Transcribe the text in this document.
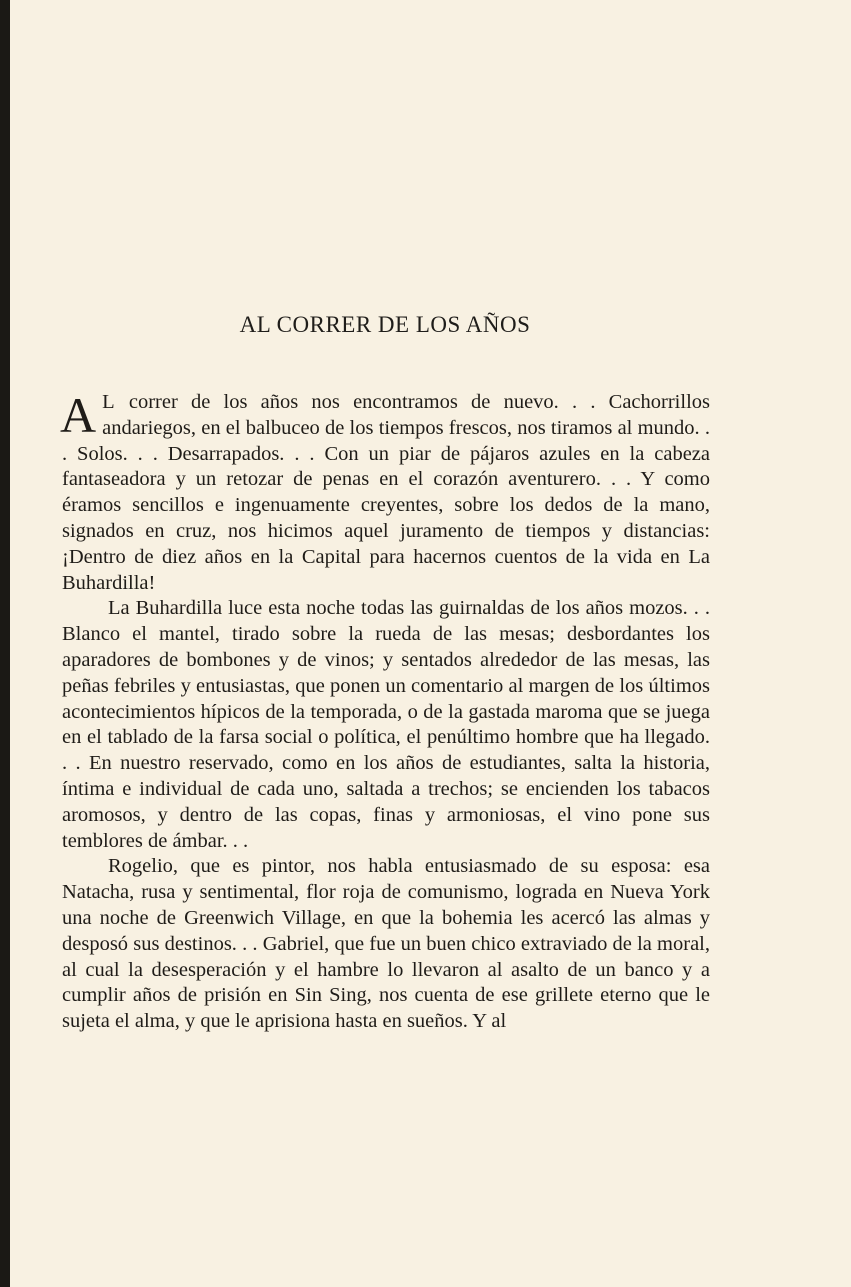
AL CORRER DE LOS AÑOS

A L correr de los años nos encontramos de nuevo. . . Cachorrillos andariegos, en el balbuceo de los tiempos frescos, nos tiramos al mundo. . . Solos. . . Desarrapados. . . Con un piar de pájaros azules en la cabeza fantaseadora y un retozar de penas en el corazón aventurero. . . Y como éramos sencillos e ingenuamente creyentes, sobre los dedos de la mano, signados en cruz, nos hicimos aquel juramento de tiempos y distancias: ¡Dentro de diez años en la Capital para hacernos cuentos de la vida en La Buhardilla!

La Buhardilla luce esta noche todas las guirnaldas de los años mozos. . . Blanco el mantel, tirado sobre la rueda de las mesas; desbordantes los aparadores de bombones y de vinos; y sentados alrededor de las mesas, las peñas febriles y entusiastas, que ponen un comentario al margen de los últimos acontecimientos hípicos de la temporada, o de la gastada maroma que se juega en el tablado de la farsa social o política, el penúltimo hombre que ha llegado. . . En nuestro reservado, como en los años de estudiantes, salta la historia, íntima e individual de cada uno, saltada a trechos; se encienden los tabacos aromosos, y dentro de las copas, finas y armoniosas, el vino pone sus temblores de ámbar. . .

Rogelio, que es pintor, nos habla entusiasmado de su esposa: esa Natacha, rusa y sentimental, flor roja de comunismo, lograda en Nueva York una noche de Greenwich Village, en que la bohemia les acercó las almas y desposó sus destinos. . . Gabriel, que fue un buen chico extraviado de la moral, al cual la desesperación y el hambre lo llevaron al asalto de un banco y a cumplir años de prisión en Sin Sing, nos cuenta de ese grillete eterno que le sujeta el alma, y que le aprisiona hasta en sueños. Y al
